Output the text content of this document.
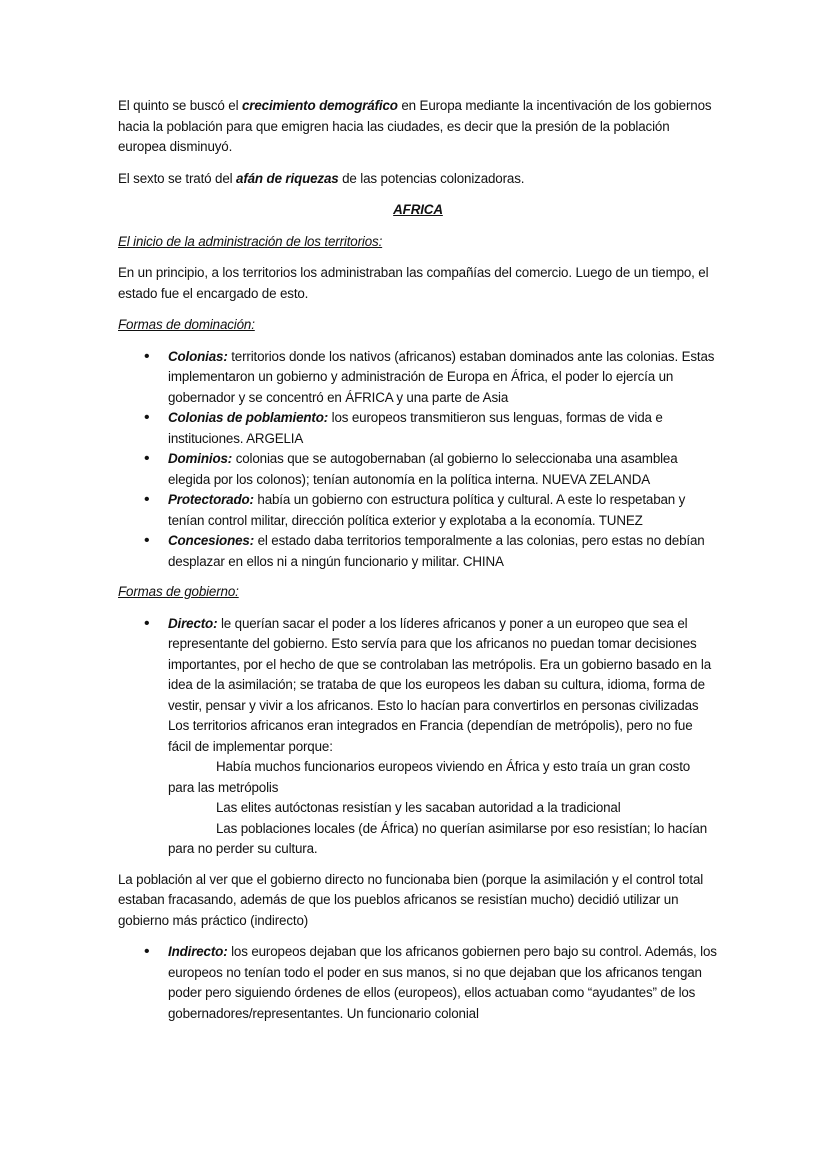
El quinto se buscó el crecimiento demográfico en Europa mediante la incentivación de los gobiernos hacia la población para que emigren hacia las ciudades, es decir que la presión de la población europea disminuyó.

El sexto se trató del afán de riquezas de las potencias colonizadoras.

AFRICA

El inicio de la administración de los territorios:

En un principio, a los territorios los administraban las compañías del comercio. Luego de un tiempo, el estado fue el encargado de esto.

Formas de dominación:

• Colonias: territorios donde los nativos (africanos) estaban dominados ante las colonias. Estas implementaron un gobierno y administración de Europa en África, el poder lo ejercía un gobernador y se concentró en ÁFRICA y una parte de Asia
• Colonias de poblamiento: los europeos transmitieron sus lenguas, formas de vida e instituciones. ARGELIA
• Dominios: colonias que se autogobernaban (al gobierno lo seleccionaba una asamblea elegida por los colonos); tenían autonomía en la política interna. NUEVA ZELANDA
• Protectorado: había un gobierno con estructura política y cultural. A este lo respetaban y tenían control militar, dirección política exterior y explotaba a la economía. TUNEZ
• Concesiones: el estado daba territorios temporalmente a las colonias, pero estas no debían desplazar en ellos ni a ningún funcionario y militar. CHINA

Formas de gobierno:

• Directo: le querían sacar el poder a los líderes africanos y poner a un europeo que sea el representante del gobierno. Esto servía para que los africanos no puedan tomar decisiones importantes, por el hecho de que se controlaban las metrópolis. Era un gobierno basado en la idea de la asimilación; se trataba de que los europeos les daban su cultura, idioma, forma de vestir, pensar y vivir a los africanos. Esto lo hacían para convertirlos en personas civilizadas
Los territorios africanos eran integrados en Francia (dependían de metrópolis), pero no fue fácil de implementar porque:
Había muchos funcionarios europeos viviendo en África y esto traía un gran costo para las metrópolis
Las elites autóctonas resistían y les sacaban autoridad a la tradicional
Las poblaciones locales (de África) no querían asimilarse por eso resistían; lo hacían para no perder su cultura.

La población al ver que el gobierno directo no funcionaba bien (porque la asimilación y el control total estaban fracasando, además de que los pueblos africanos se resistían mucho) decidió utilizar un gobierno más práctico (indirecto)

• Indirecto: los europeos dejaban que los africanos gobiernen pero bajo su control. Además, los europeos no tenían todo el poder en sus manos, si no que dejaban que los africanos tengan poder pero siguiendo órdenes de ellos (europeos), ellos actuaban como “ayudantes” de los gobernadores/representantes. Un funcionario colonial
